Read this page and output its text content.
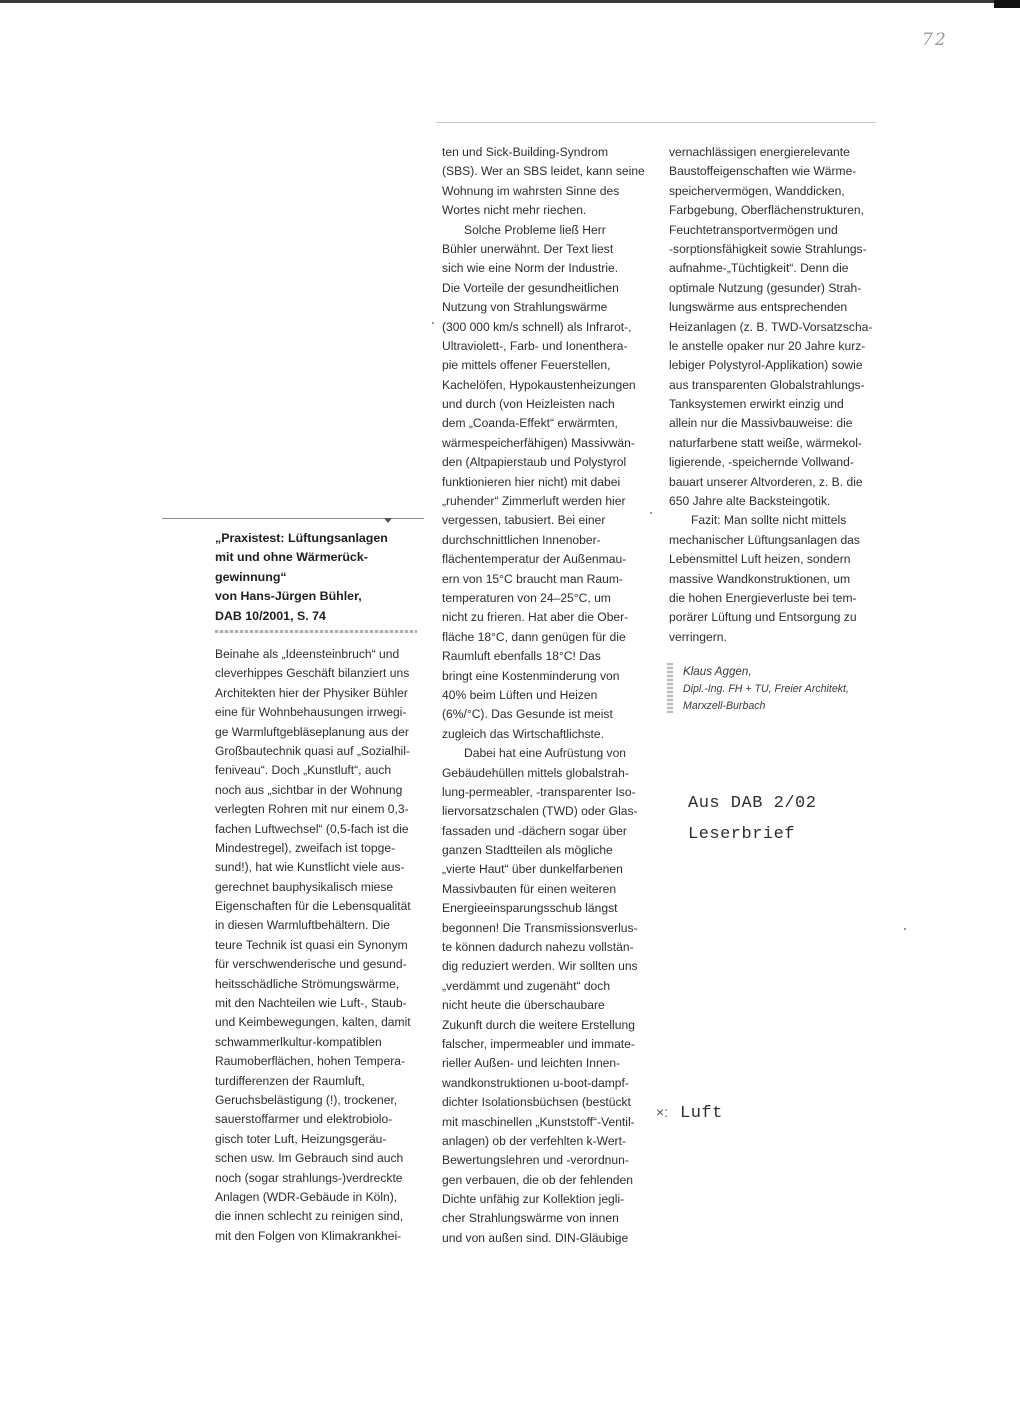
72
„Praxistest: Lüftungsanlagen
mit und ohne Wärmerück-
gewinnung“
von Hans-Jürgen Bühler,
DAB 10/2001, S. 74
Beinahe als „Ideensteinbruch“ und
cleverhippes Geschäft bilanziert uns
Architekten hier der Physiker Bühler
eine für Wohnbehausungen irrwegi-
ge Warmluftgebläseplanung aus der
Großbautechnik quasi auf „Sozialhil-
feniveau“. Doch „Kunstluft“, auch
noch aus „sichtbar in der Wohnung
verlegten Rohren mit nur einem 0,3-
fachen Luftwechsel“ (0,5-fach ist die
Mindestregel), zweifach ist topge-
sund!), hat wie Kunstlicht viele aus-
gerechnet bauphysikalisch miese
Eigenschaften für die Lebensqualität
in diesen Warmluftbehältern. Die
teure Technik ist quasi ein Synonym
für verschwenderische und gesund-
heitsschädliche Strömungswärme,
mit den Nachteilen wie Luft-, Staub-
und Keimbewegungen, kalten, damit
schwammerlkultur-kompatiblen
Raumoberflächen, hohen Tempera-
turdifferenzen der Raumluft,
Geruchsbelästigung (!), trockener,
sauerstoffarmer und elektrobiolo-
gisch toter Luft, Heizungsgeräu-
schen usw. Im Gebrauch sind auch
noch (sogar strahlungs-)verdreckte
Anlagen (WDR-Gebäude in Köln),
die innen schlecht zu reinigen sind,
mit den Folgen von Klimakrankhei-
ten und Sick-Building-Syndrom
(SBS). Wer an SBS leidet, kann seine
Wohnung im wahrsten Sinne des
Wortes nicht mehr riechen.
Solche Probleme ließ Herr
Bühler unerwähnt. Der Text liest
sich wie eine Norm der Industrie.
Die Vorteile der gesundheitlichen
Nutzung von Strahlungswärme
(300 000 km/s schnell) als Infrarot-,
Ultraviolett-, Farb- und Ionenthera-
pie mittels offener Feuerstellen,
Kachelöfen, Hypokaustenheizungen
und durch (von Heizleisten nach
dem „Coanda-Effekt“ erwärmten,
wärmespeicherfähigen) Massivwän-
den (Altpapierstaub und Polystyrol
funktionieren hier nicht) mit dabei
„ruhender“ Zimmerluft werden hier
vergessen, tabusiert. Bei einer
durchschnittlichen Innenober-
flächentemperatur der Außenmau-
ern von 15°C braucht man Raum-
temperaturen von 24–25°C, um
nicht zu frieren. Hat aber die Ober-
fläche 18°C, dann genügen für die
Raumluft ebenfalls 18°C! Das
bringt eine Kostenminderung von
40% beim Lüften und Heizen
(6%/°C). Das Gesunde ist meist
zugleich das Wirtschaftlichste.
Dabei hat eine Aufrüstung von
Gebäudehüllen mittels globalstrah-
lung-permeabler, -transparenter Iso-
liervorsatzschalen (TWD) oder Glas-
fassaden und -dächern sogar über
ganzen Stadtteilen als mögliche
„vierte Haut“ über dunkelfarbenen
Massivbauten für einen weiteren
Energieeinsparungsschub längst
begonnen! Die Transmissionsverlus-
te können dadurch nahezu vollstän-
dig reduziert werden. Wir sollten uns
„verdämmt und zugenäht“ doch
nicht heute die überschaubare
Zukunft durch die weitere Erstellung
falscher, impermeabler und immate-
rieller Außen- und leichten Innen-
wandkonstruktionen u-boot-dampf-
dichter Isolationsbüchsen (bestückt
mit maschinellen „Kunststoff“-Ventil-
anlagen) ob der verfehlten k-Wert-
Bewertungslehren und -verordnun-
gen verbauen, die ob der fehlenden
Dichte unfähig zur Kollektion jegli-
cher Strahlungswärme von innen
und von außen sind. DIN-Gläubige
vernachlässigen energierelevante
Baustoffeigenschaften wie Wärme-
speichervermögen, Wanddicken,
Farbgebung, Oberflächenstrukturen,
Feuchtetransportvermögen und
-sorptionsfähigkeit sowie Strahlungs-
aufnahme-„Tüchtigkeit“. Denn die
optimale Nutzung (gesunder) Strah-
lungswärme aus entsprechenden
Heizanlagen (z. B. TWD-Vorsatzscha-
le anstelle opaker nur 20 Jahre kurz-
lebiger Polystyrol-Applikation) sowie
aus transparenten Globalstrahlungs-
Tanksystemen erwirkt einzig und
allein nur die Massivbauweise: die
naturfarbene statt weiße, wärmekol-
ligierende, -speichernde Vollwand-
bauart unserer Altvorderen, z. B. die
650 Jahre alte Backsteingotik.
Fazit: Man sollte nicht mittels
mechanischer Lüftungsanlagen das
Lebensmittel Luft heizen, sondern
massive Wandkonstruktionen, um
die hohen Energieverluste bei tem-
porärer Lüftung und Entsorgung zu
verringern.
Klaus Aggen,
Dipl.-Ing. FH + TU, Freier Architekt,
Marxzell-Burbach
Aus DAB 2/02
Leserbrief
×: Luft
